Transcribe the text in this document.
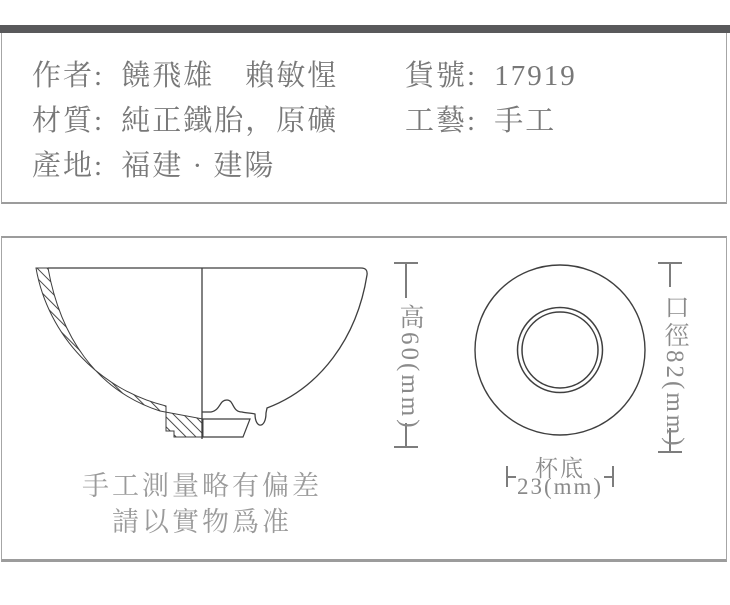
作者: 饒飛雄　賴敏惺
材質: 純正鐵胎，原礦
產地: 福建 · 建陽
貨號: 17919
工藝: 手工
高60(mm)	口徑82(mm)
杯底
23(mm)
手工測量略有偏差
請以實物爲准
